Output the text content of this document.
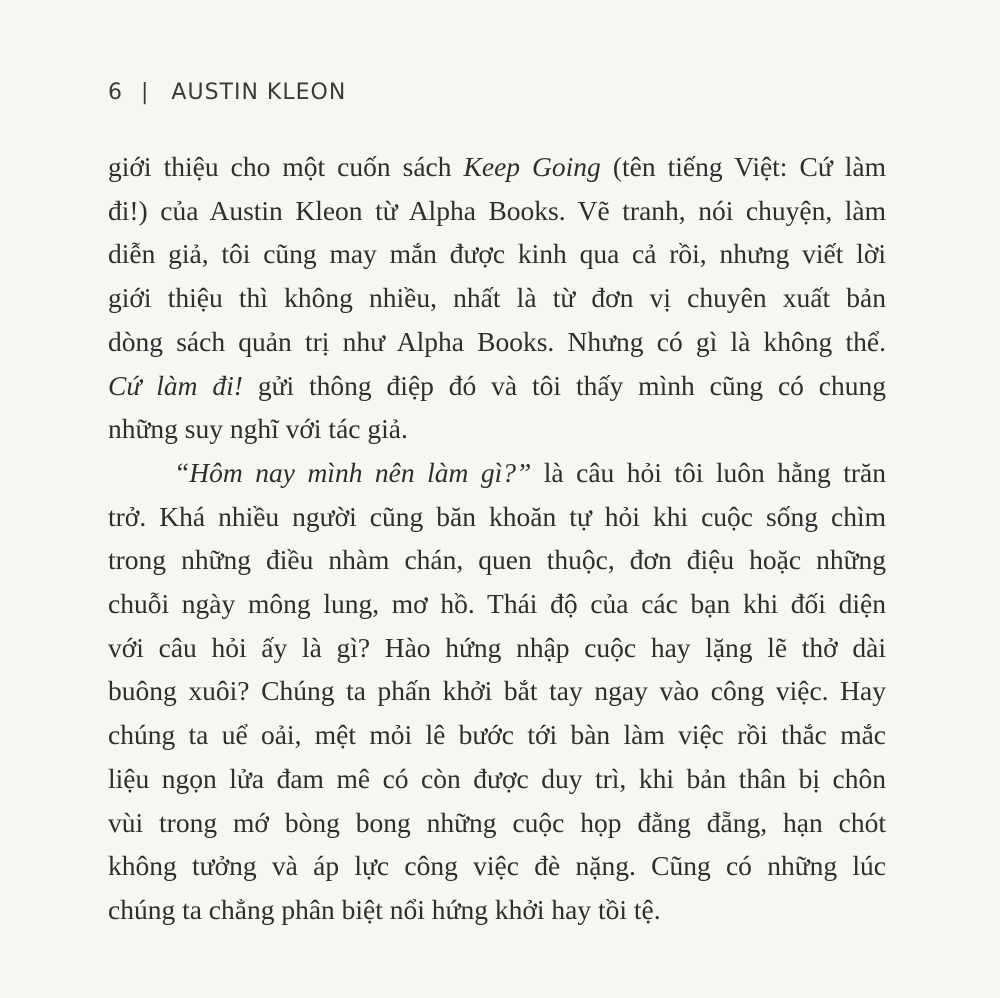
6 | AUSTIN KLEON
giới thiệu cho một cuốn sách Keep Going (tên tiếng Việt: Cứ làm
đi!) của Austin Kleon từ Alpha Books. Vẽ tranh, nói chuyện, làm
diễn giả, tôi cũng may mắn được kinh qua cả rồi, nhưng viết lời
giới thiệu thì không nhiều, nhất là từ đơn vị chuyên xuất bản
dòng sách quản trị như Alpha Books. Nhưng có gì là không thể.
Cứ làm đi! gửi thông điệp đó và tôi thấy mình cũng có chung
những suy nghĩ với tác giả.
“Hôm nay mình nên làm gì?” là câu hỏi tôi luôn hằng trăn
trở. Khá nhiều người cũng băn khoăn tự hỏi khi cuộc sống chìm
trong những điều nhàm chán, quen thuộc, đơn điệu hoặc những
chuỗi ngày mông lung, mơ hồ. Thái độ của các bạn khi đối diện
với câu hỏi ấy là gì? Hào hứng nhập cuộc hay lặng lẽ thở dài
buông xuôi? Chúng ta phấn khởi bắt tay ngay vào công việc. Hay
chúng ta uể oải, mệt mỏi lê bước tới bàn làm việc rồi thắc mắc
liệu ngọn lửa đam mê có còn được duy trì, khi bản thân bị chôn
vùi trong mớ bòng bong những cuộc họp đằng đẵng, hạn chót
không tưởng và áp lực công việc đè nặng. Cũng có những lúc
chúng ta chẳng phân biệt nổi hứng khởi hay tồi tệ.
